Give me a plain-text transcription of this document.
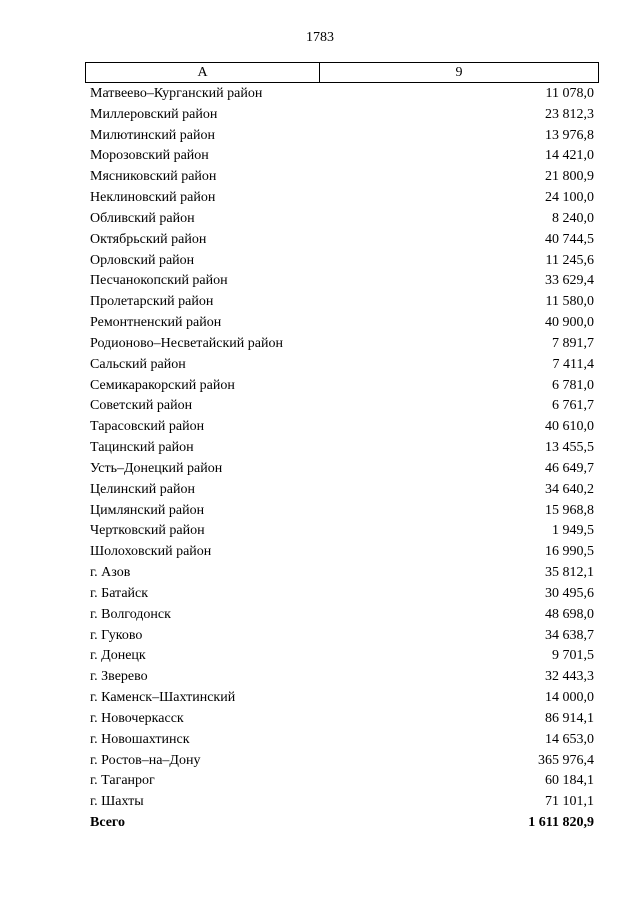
1783
А	9
Матвеево–Курганский район	11 078,0
Миллеровский район	23 812,3
Милютинский район	13 976,8
Морозовский район	14 421,0
Мясниковский район	21 800,9
Неклиновский район	24 100,0
Обливский район	8 240,0
Октябрьский район	40 744,5
Орловский район	11 245,6
Песчанокопский район	33 629,4
Пролетарский район	11 580,0
Ремонтненский район	40 900,0
Родионово–Несветайский район	7 891,7
Сальский район	7 411,4
Семикаракорский район	6 781,0
Советский район	6 761,7
Тарасовский район	40 610,0
Тацинский район	13 455,5
Усть–Донецкий район	46 649,7
Целинский район	34 640,2
Цимлянский район	15 968,8
Чертковский район	1 949,5
Шолоховский район	16 990,5
г. Азов	35 812,1
г. Батайск	30 495,6
г. Волгодонск	48 698,0
г. Гуково	34 638,7
г. Донецк	9 701,5
г. Зверево	32 443,3
г. Каменск–Шахтинский	14 000,0
г. Новочеркасск	86 914,1
г. Новошахтинск	14 653,0
г. Ростов–на–Дону	365 976,4
г. Таганрог	60 184,1
г. Шахты	71 101,1
Всего	1 611 820,9
